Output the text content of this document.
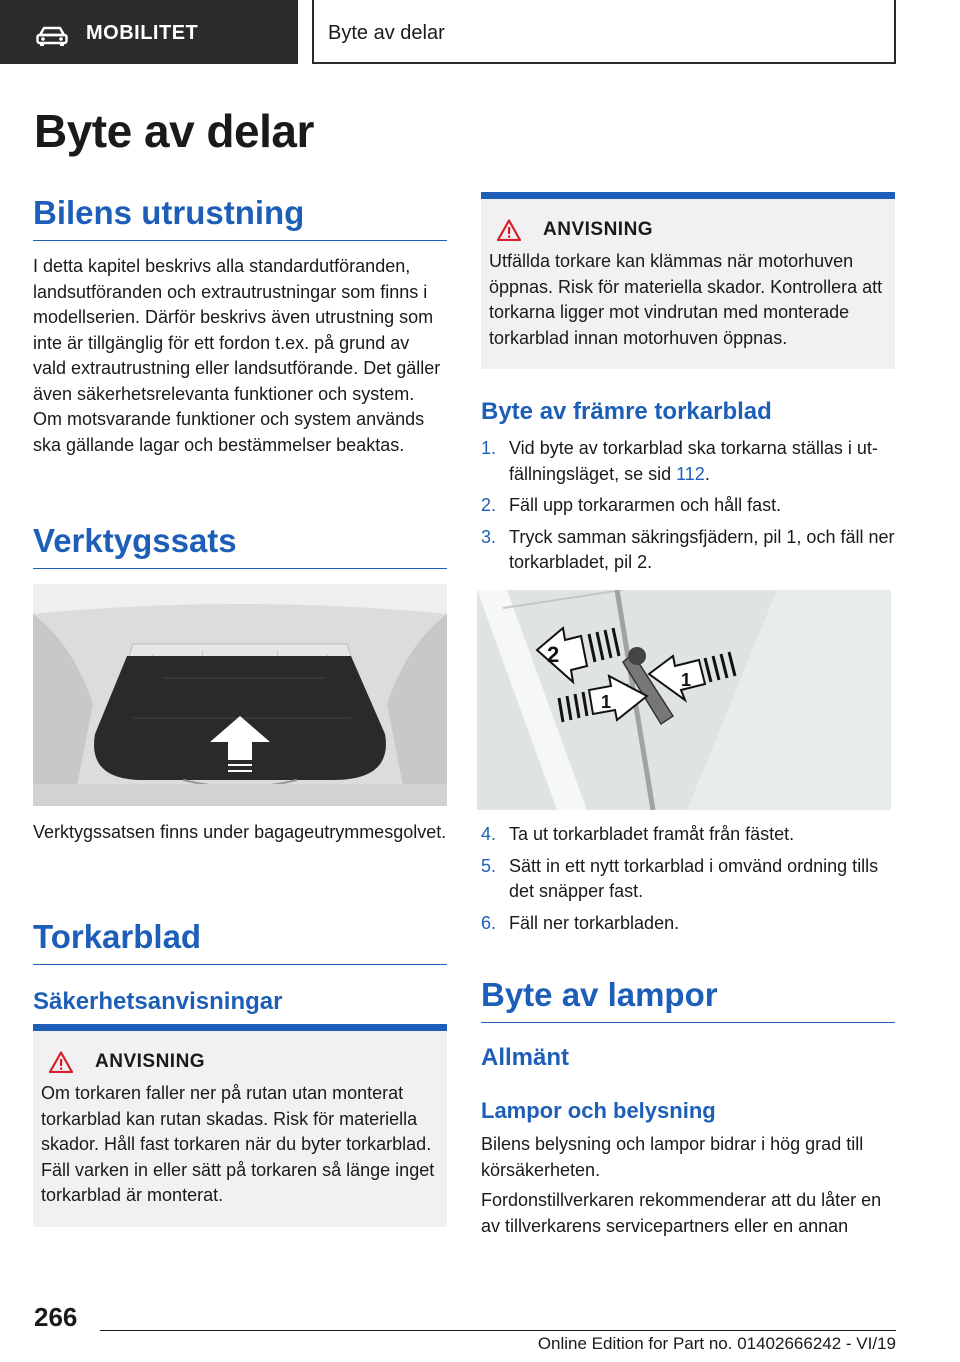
MOBILITET	Byte av delar
Byte av delar
Bilens utrustning

I detta kapitel beskrivs alla standardutföranden, landsutföranden och extrautrustningar som finns i modellserien. Därför beskrivs även utrustning som inte är tillgänglig för ett fordon t.ex. på grund av vald extrautrustning eller landsutförande. Det gäller även säkerhetsrelevanta funktioner och system. Om motsvarande funktioner och system används ska gällande lagar och bestämmelser beaktas.

Verktygssats

Verktygssatsen finns under bagageutrymmesgolvet.

Torkarblad
Säkerhetsanvisningar
ANVISNING

Om torkaren faller ner på rutan utan monterat torkarblad kan rutan skadas. Risk för materiella skador. Håll fast torkaren när du byter torkarblad. Fäll varken in eller sätt på torkaren så länge inget torkarblad är monterat.

ANVISNING

Utfällda torkare kan klämmas när motorhuven öppnas. Risk för materiella skador. Kontrollera att torkarna ligger mot vindrutan med monterade torkarblad innan motorhuven öppnas.

Byte av främre torkarblad
1. Vid byte av torkarblad ska torkarna ställas i utfällningsläget, se sid 112.
2. Fäll upp torkararmen och håll fast.
3. Tryck samman säkringsfjädern, pil 1, och fäll ner torkarbladet, pil 2.
2
1
1
4. Ta ut torkarbladet framåt från fästet.
5. Sätt in ett nytt torkarblad i omvänd ordning tills det snäpper fast.
6. Fäll ner torkarbladen.
Byte av lampor
Allmänt
Lampor och belysning

Bilens belysning och lampor bidrar i hög grad till körsäkerheten.

Fordonstillverkaren rekommenderar att du låter en av tillverkarens servicepartners eller en annan

266
Online Edition for Part no. 01402666242 - VI/19
